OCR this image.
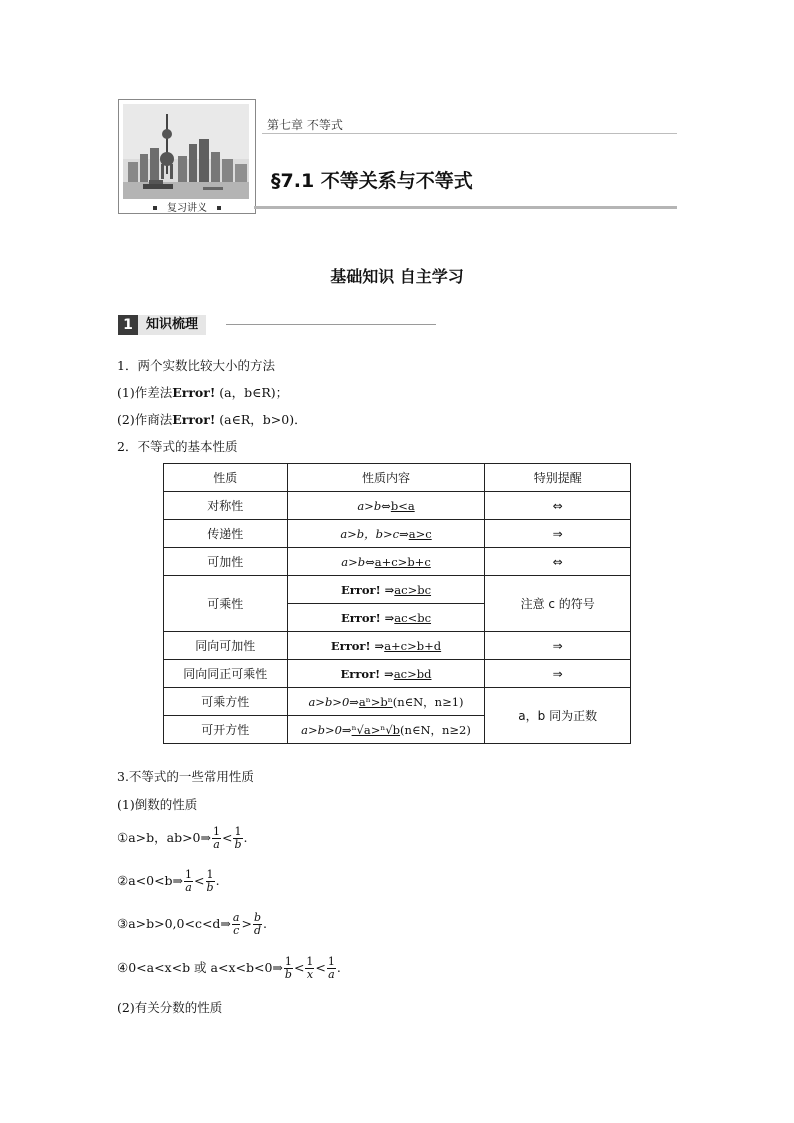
复习讲义
第七章 不等式
§7.1 不等关系与不等式
基础知识 自主学习
1	知识梳理
1．两个实数比较大小的方法
(1)作差法Error! (a，b∈R)；
(2)作商法Error! (a∈R，b>0)．
2．不等式的基本性质
性质	性质内容	特别提醒
对称性	a>b⇔b<a	⇔
传递性	a>b，b>c⇒a>c	⇒
可加性	a>b⇔a+c>b+c	⇔
可乘性	Error! ⇒ac>bc	注意 c 的符号
	Error! ⇒ac<bc	
同向可加性	Error! ⇒a+c>b+d	⇒
同向同正可乘性	Error! ⇒ac>bd	⇒
可乘方性	a>b>0⇒aⁿ>bⁿ(n∈N，n≥1)	a，b 同为正数
可开方性	a>b>0⇒ⁿ√a>ⁿ√b(n∈N，n≥2)	
3.不等式的一些常用性质
(1)倒数的性质
①a>b，ab>0⇒ $\frac{1}{a} < \frac{1}{b}$ .
②a<0<b⇒ $\frac{1}{a} < \frac{1}{b}$ .
③a>b>0,0<c<d⇒ $\frac{a}{c} > \frac{b}{d}$ .
④0<a<x<b 或 a<x<b<0⇒ $\frac{1}{b} < \frac{1}{x} < \frac{1}{a}$ .
(2)有关分数的性质
